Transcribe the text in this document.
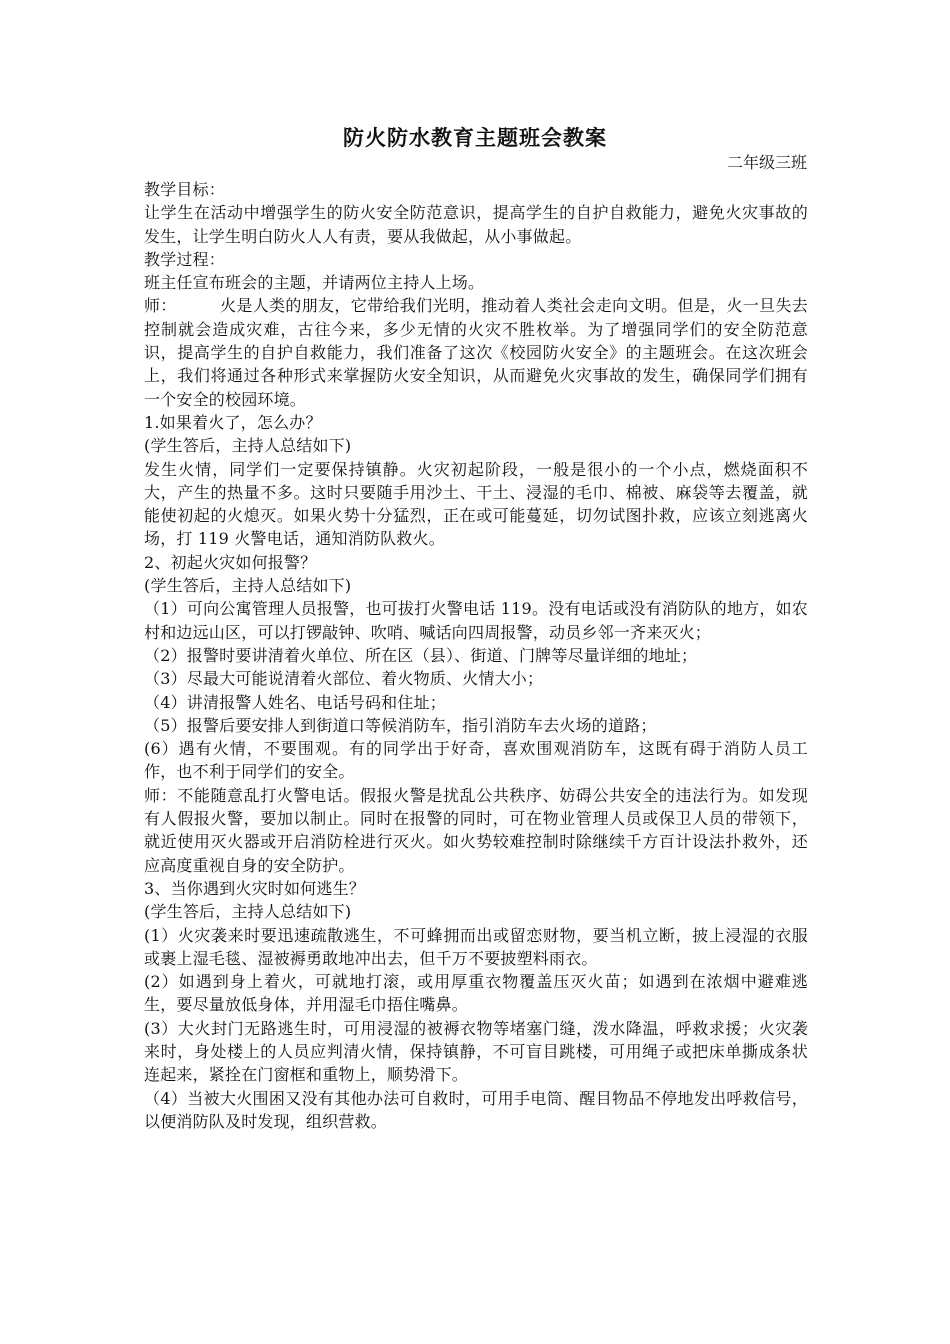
防火防水教育主题班会教案
二年级三班

教学目标：

让学生在活动中增强学生的防火安全防范意识，提高学生的自护自救能力，避免火灾事故的发生，让学生明白防火人人有责，要从我做起，从小事做起。

教学过程：

班主任宣布班会的主题，并请两位主持人上场。

师：        火是人类的朋友，它带给我们光明，推动着人类社会走向文明。但是，火一旦失去控制就会造成灾难，古往今来，多少无情的火灾不胜枚举。为了增强同学们的安全防范意识，提高学生的自护自救能力，我们准备了这次《校园防火安全》的主题班会。在这次班会上，我们将通过各种形式来掌握防火安全知识，从而避免火灾事故的发生，确保同学们拥有一个安全的校园环境。

1.如果着火了，怎么办？

(学生答后，主持人总结如下)

发生火情，同学们一定要保持镇静。火灾初起阶段，一般是很小的一个小点，燃烧面积不大，产生的热量不多。这时只要随手用沙土、干土、浸湿的毛巾、棉被、麻袋等去覆盖，就能使初起的火熄灭。如果火势十分猛烈，正在或可能蔓延，切勿试图扑救，应该立刻逃离火场，打 119 火警电话，通知消防队救火。

2、初起火灾如何报警？

(学生答后，主持人总结如下)

（1）可向公寓管理人员报警，也可拔打火警电话 119。没有电话或没有消防队的地方，如农村和边远山区，可以打锣敲钟、吹哨、喊话向四周报警，动员乡邻一齐来灭火；

（2）报警时要讲清着火单位、所在区（县）、街道、门牌等尽量详细的地址；

（3）尽最大可能说清着火部位、着火物质、火情大小；

（4）讲清报警人姓名、电话号码和住址；

（5）报警后要安排人到街道口等候消防车，指引消防车去火场的道路；

(6）遇有火情，不要围观。有的同学出于好奇，喜欢围观消防车，这既有碍于消防人员工作，也不利于同学们的安全。

师：不能随意乱打火警电话。假报火警是扰乱公共秩序、妨碍公共安全的违法行为。如发现有人假报火警，要加以制止。同时在报警的同时，可在物业管理人员或保卫人员的带领下，就近使用灭火器或开启消防栓进行灭火。如火势较难控制时除继续千方百计设法扑救外，还应高度重视自身的安全防护。

3、当你遇到火灾时如何逃生？

(学生答后，主持人总结如下)

(1）火灾袭来时要迅速疏散逃生，不可蜂拥而出或留恋财物，要当机立断，披上浸湿的衣服或裹上湿毛毯、湿被褥勇敢地冲出去，但千万不要披塑料雨衣。

(2）如遇到身上着火，可就地打滚，或用厚重衣物覆盖压灭火苗；如遇到在浓烟中避难逃生，要尽量放低身体，并用湿毛巾捂住嘴鼻。

(3）大火封门无路逃生时，可用浸湿的被褥衣物等堵塞门缝，泼水降温，呼救求援；火灾袭来时，身处楼上的人员应判清火情，保持镇静，不可盲目跳楼，可用绳子或把床单撕成条状连起来，紧拴在门窗框和重物上，顺势滑下。

（4）当被大火围困又没有其他办法可自救时，可用手电筒、醒目物品不停地发出呼救信号，以便消防队及时发现，组织营救。
